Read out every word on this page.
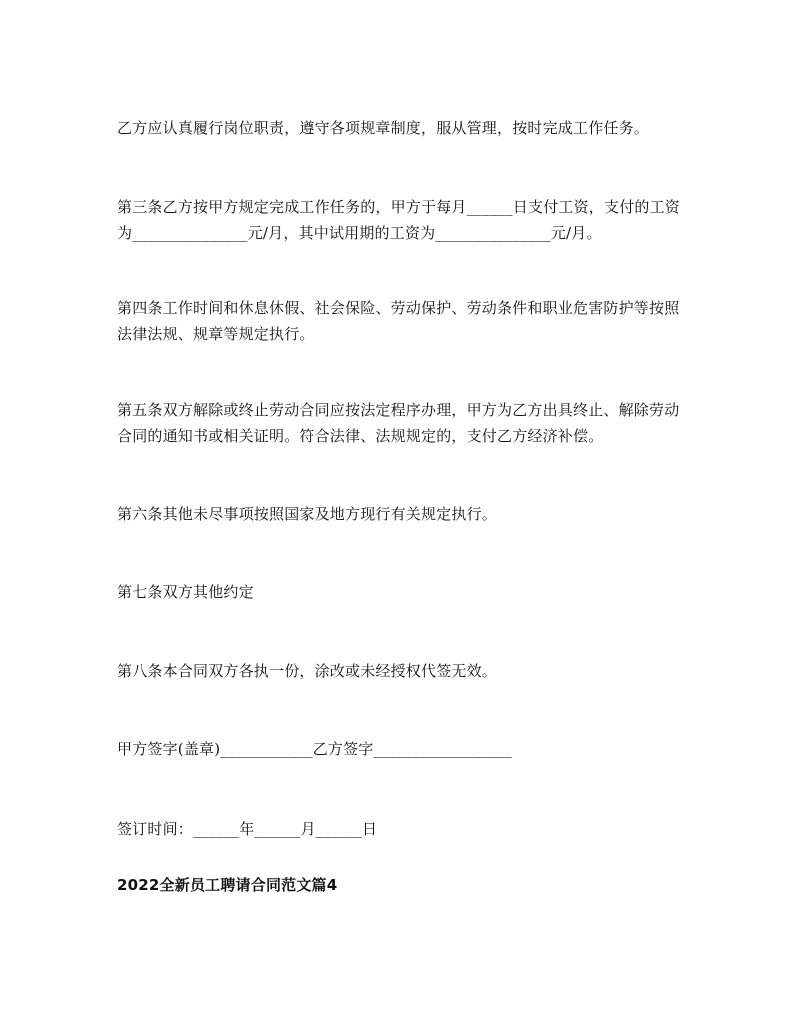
乙方应认真履行岗位职责，遵守各项规章制度，服从管理，按时完成工作任务。

第三条乙方按甲方规定完成工作任务的，甲方于每月______日支付工资，支付的工资为_______________元/月，其中试用期的工资为_______________元/月。

第四条工作时间和休息休假、社会保险、劳动保护、劳动条件和职业危害防护等按照法律法规、规章等规定执行。

第五条双方解除或终止劳动合同应按法定程序办理，甲方为乙方出具终止、解除劳动合同的通知书或相关证明。符合法律、法规规定的，支付乙方经济补偿。

第六条其他未尽事项按照国家及地方现行有关规定执行。

第七条双方其他约定

第八条本合同双方各执一份，涂改或未经授权代签无效。

甲方签字(盖章)____________乙方签字__________________

签订时间：______年______月______日

2022全新员工聘请合同范文篇4
